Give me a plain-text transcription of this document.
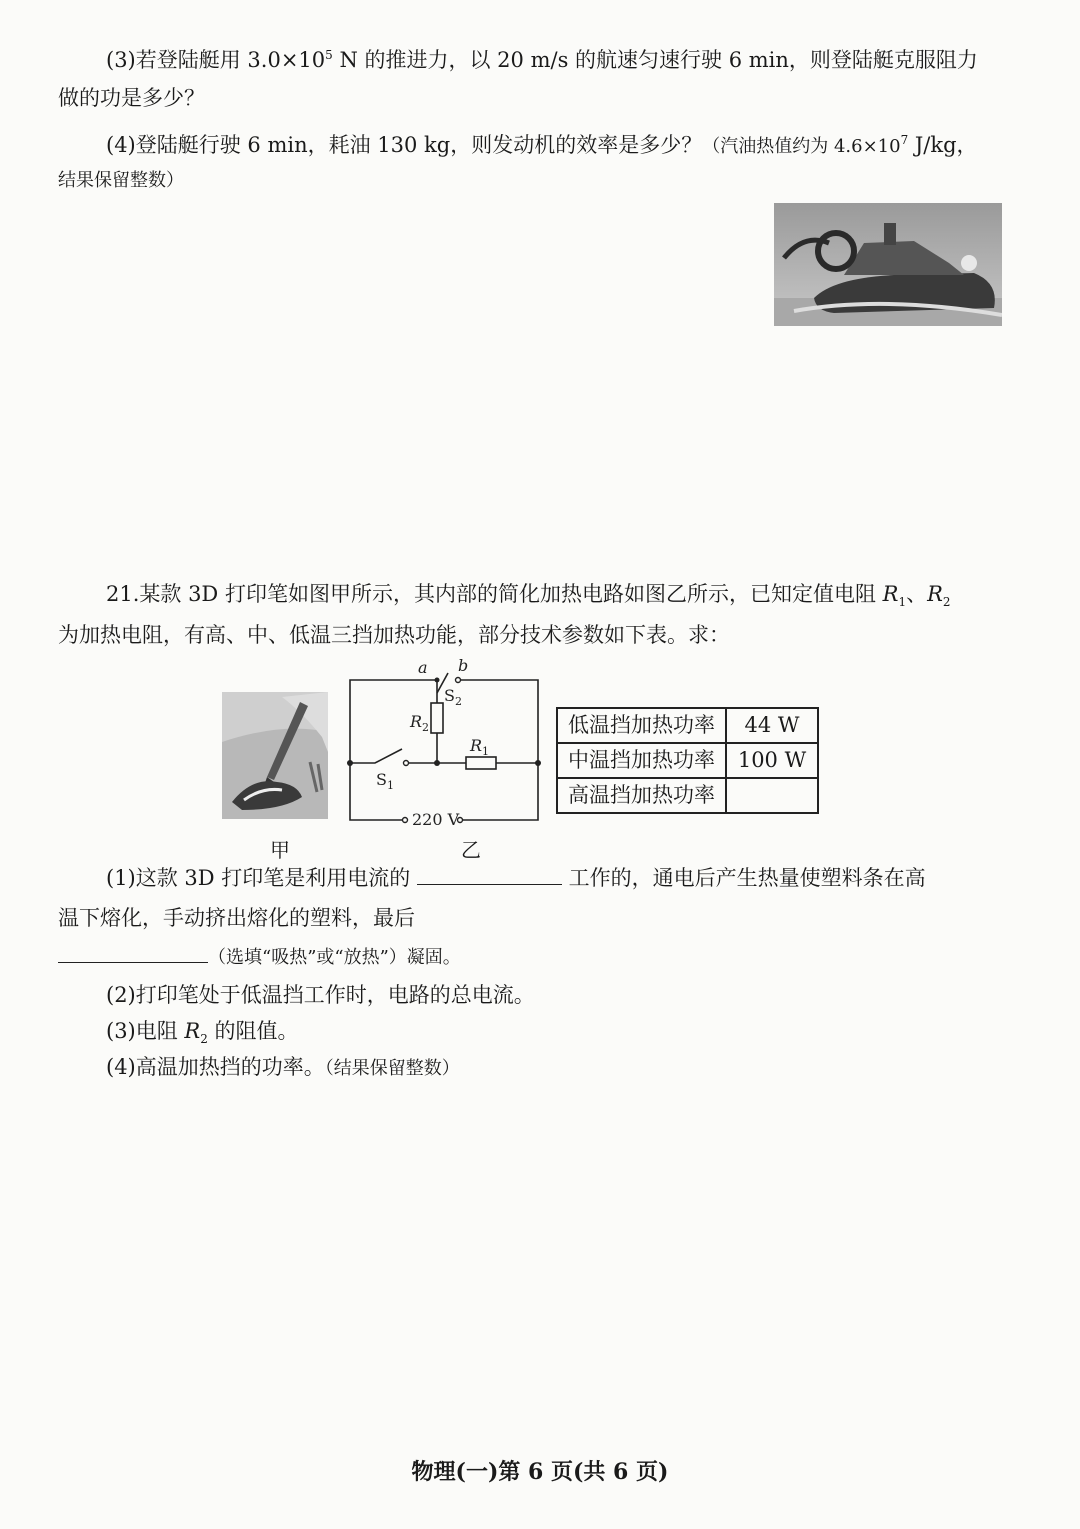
(3)若登陆艇用 $3.0\times 10^5$ N 的推进力，以 20 m/s 的航速匀速行驶 6 min，则登陆艇克服阻力
做的功是多少？
(4)登陆艇行驶 6 min，耗油 130 kg，则发动机的效率是多少？（汽油热值约为 $4.6\times 10^7$ J/kg，
结果保留整数）
21.某款 3D 打印笔如图甲所示，其内部的简化加热电路如图乙所示，已知定值电阻 $R_1$、$R_2$
为加热电阻，有高、中、低温三挡加热功能，部分技术参数如下表。求：
甲
a b
$S_2$
$R_2$
$R_1$
$S_1$
220 V
乙
低温挡加热功率	44 W
中温挡加热功率	100 W
高温挡加热功率	
(1)这款 3D 打印笔是利用电流的	工作的，通电后产生热量使塑料条在高
温下熔化，手动挤出熔化的塑料，最后
（选填“吸热”或“放热”）凝固。
(2)打印笔处于低温挡工作时，电路的总电流。
(3)电阻 $R_2$ 的阻值。
(4)高温加热挡的功率。（结果保留整数）
物理(一)第 6 页(共 6 页)
